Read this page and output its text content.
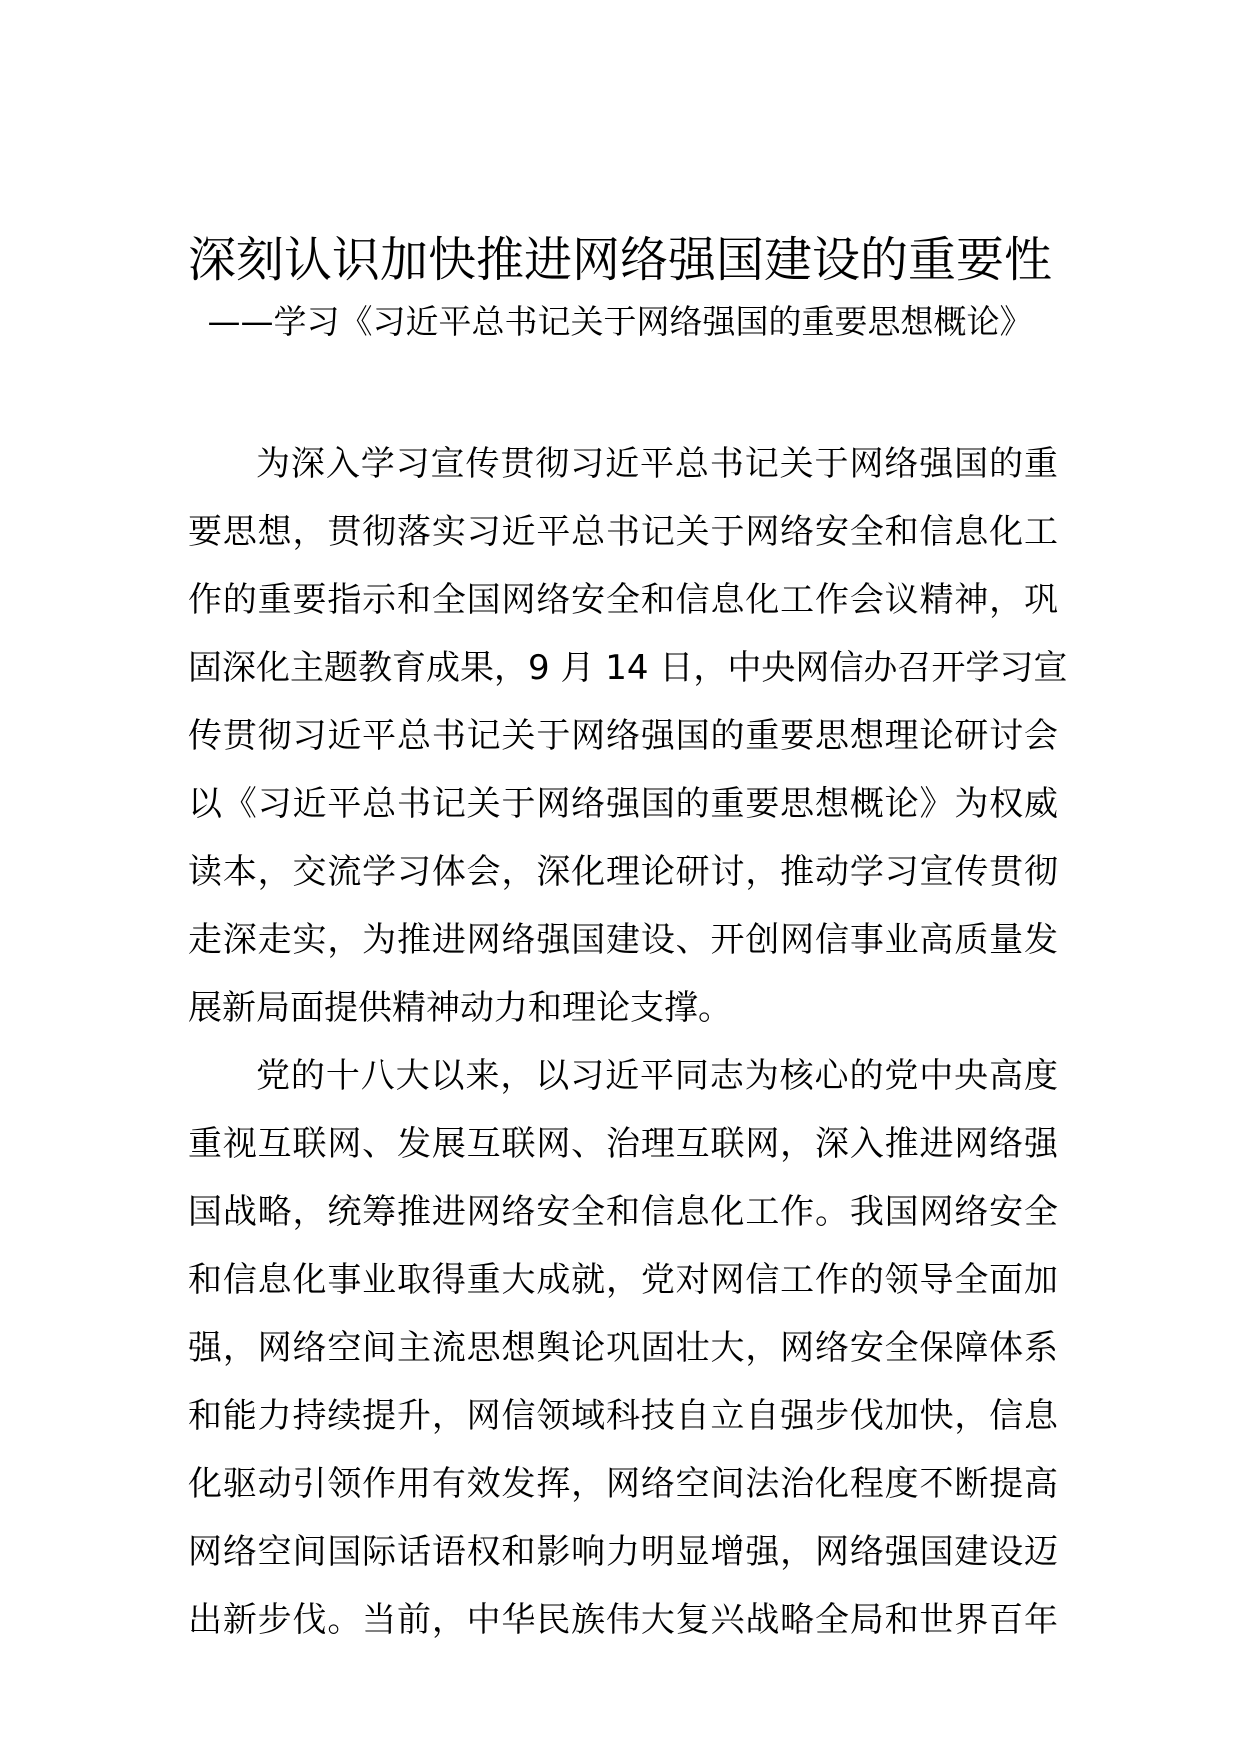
深刻认识加快推进网络强国建设的重要性
——学习《习近平总书记关于网络强国的重要思想概论》
为深入学习宣传贯彻习近平总书记关于网络强国的重
要思想，贯彻落实习近平总书记关于网络安全和信息化工
作的重要指示和全国网络安全和信息化工作会议精神，巩
固深化主题教育成果，9 月 14 日，中央网信办召开学习宣
传贯彻习近平总书记关于网络强国的重要思想理论研讨会
以《习近平总书记关于网络强国的重要思想概论》为权威
读本，交流学习体会，深化理论研讨，推动学习宣传贯彻
走深走实，为推进网络强国建设、开创网信事业高质量发
展新局面提供精神动力和理论支撑。
党的十八大以来，以习近平同志为核心的党中央高度
重视互联网、发展互联网、治理互联网，深入推进网络强
国战略，统筹推进网络安全和信息化工作。我国网络安全
和信息化事业取得重大成就，党对网信工作的领导全面加
强，网络空间主流思想舆论巩固壮大，网络安全保障体系
和能力持续提升，网信领域科技自立自强步伐加快，信息
化驱动引领作用有效发挥，网络空间法治化程度不断提高
网络空间国际话语权和影响力明显增强，网络强国建设迈
出新步伐。当前，中华民族伟大复兴战略全局和世界百年
